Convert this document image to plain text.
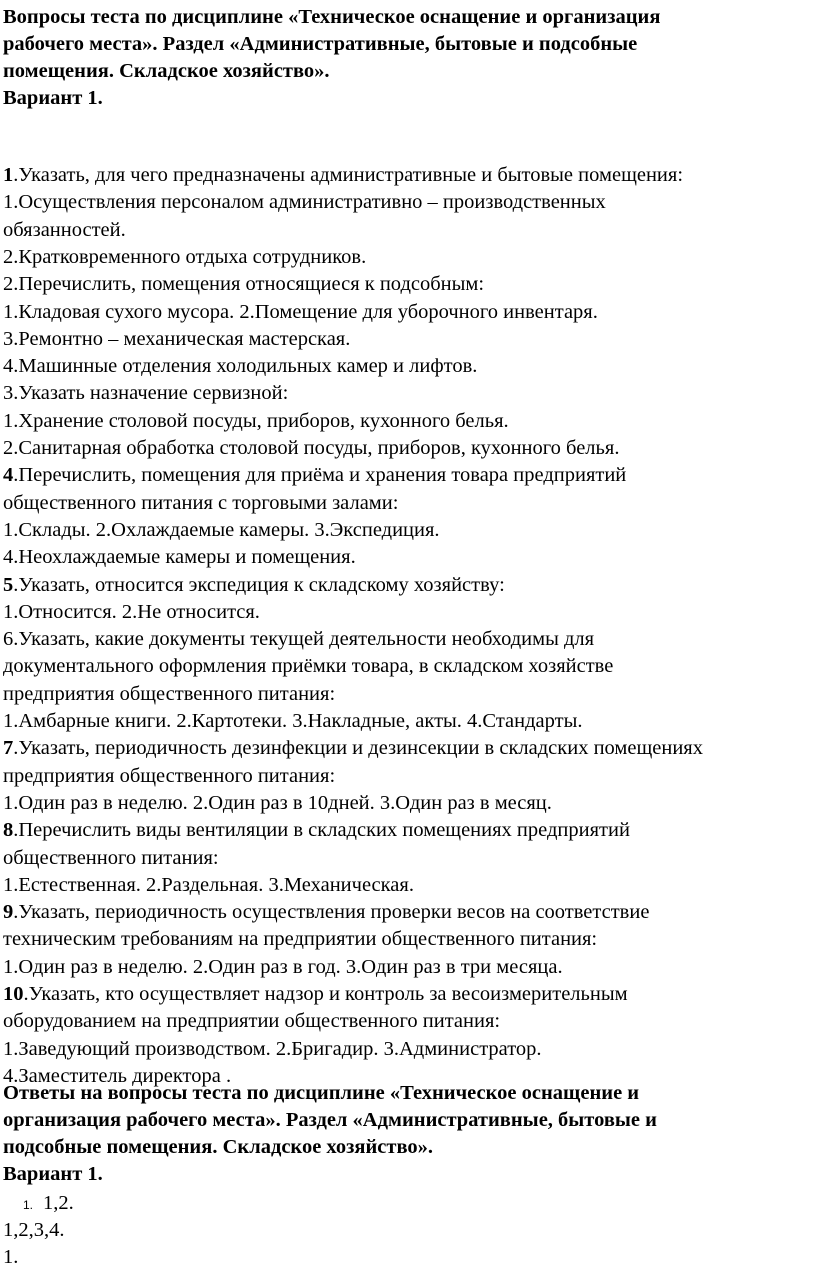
Вопросы теста по дисциплине «Техническое оснащение и организация
рабочего места». Раздел «Административные, бытовые и подсобные
помещения. Складское хозяйство».
Вариант 1.
1.Указать, для чего предназначены административные и бытовые помещения:
1.Осуществления персоналом административно – производственных
обязанностей.
2.Кратковременного отдыха сотрудников.
2.Перечислить, помещения относящиеся к подсобным:
1.Кладовая сухого мусора. 2.Помещение для уборочного инвентаря.
3.Ремонтно – механическая мастерская.
4.Машинные отделения холодильных камер и лифтов.
3.Указать назначение сервизной:
1.Хранение столовой посуды, приборов, кухонного белья.
2.Санитарная обработка столовой посуды, приборов, кухонного белья.
4.Перечислить, помещения для приёма и хранения товара предприятий
общественного питания с торговыми залами:
1.Склады. 2.Охлаждаемые камеры. 3.Экспедиция.
4.Неохлаждаемые камеры и помещения.
5.Указать, относится экспедиция к складскому хозяйству:
1.Относится. 2.Не относится.
6.Указать, какие документы текущей деятельности необходимы для
документального оформления приёмки товара, в складском хозяйстве
предприятия общественного питания:
1.Амбарные книги. 2.Картотеки. 3.Накладные, акты. 4.Стандарты.
7.Указать, периодичность дезинфекции и дезинсекции в складских помещениях
предприятия общественного питания:
1.Один раз в неделю. 2.Один раз в 10дней. 3.Один раз в месяц.
8.Перечислить виды вентиляции в складских помещениях предприятий
общественного питания:
1.Естественная. 2.Раздельная. 3.Механическая.
9.Указать, периодичность осуществления проверки весов на соответствие
техническим требованиям на предприятии общественного питания:
1.Один раз в неделю. 2.Один раз в год. 3.Один раз в три месяца.
10.Указать, кто осуществляет надзор и контроль за весоизмерительным
оборудованием на предприятии общественного питания:
1.Заведующий производством. 2.Бригадир. 3.Администратор.
4.Заместитель директора .
Ответы на вопросы теста по дисциплине «Техническое оснащение и
организация рабочего места». Раздел «Административные, бытовые и
подсобные помещения. Складское хозяйство».
Вариант 1.
1. 1,2.
1,2,3,4.
1.
